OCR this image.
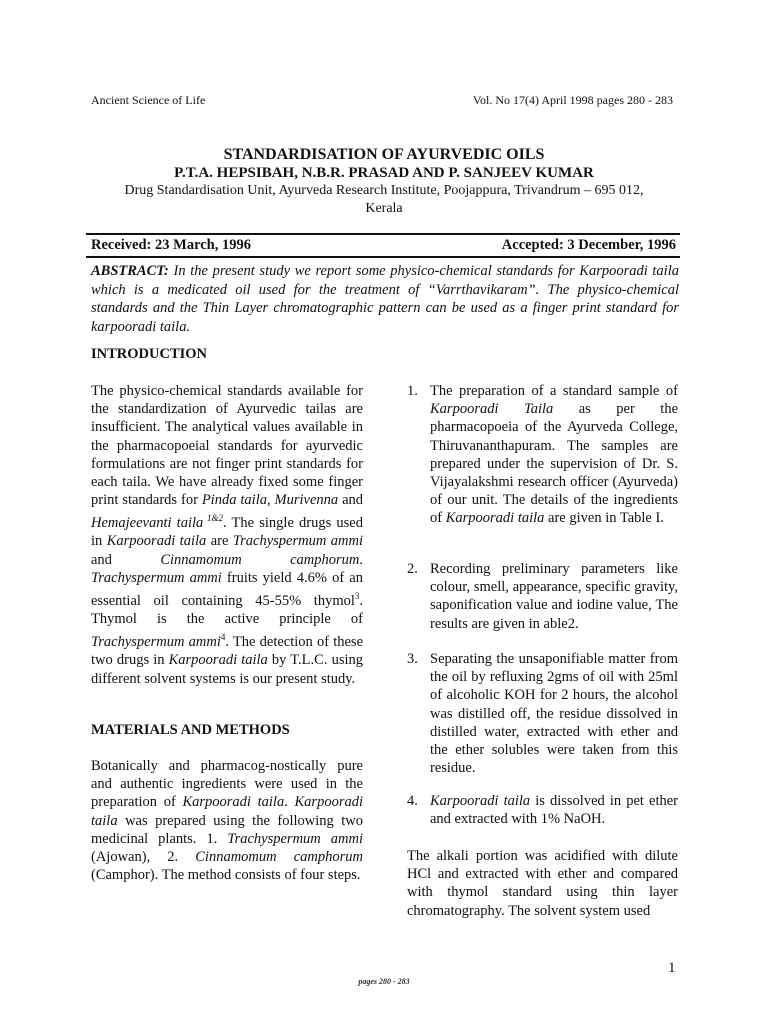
Ancient Science of Life	Vol. No 17(4) April 1998 pages 280 - 283
STANDARDISATION OF AYURVEDIC OILS
P.T.A. HEPSIBAH, N.B.R. PRASAD AND P. SANJEEV KUMAR
Drug Standardisation Unit, Ayurveda Research Institute, Poojappura, Trivandrum – 695 012,
Kerala
Received: 23 March, 1996	Accepted: 3 December, 1996
ABSTRACT: In the present study we report some physico-chemical standards for Karpooradi taila which is a medicated oil used for the treatment of “Varrthavikaram”. The physico-chemical standards and the Thin Layer chromatographic pattern can be used as a finger print standard for karpooradi taila.
INTRODUCTION
The physico-chemical standards available for the standardization of Ayurvedic tailas are insufficient. The analytical values available in the pharmacopoeial standards for ayurvedic formulations are not finger print standards for each taila. We have already fixed some finger print standards for Pinda taila, Murivenna and Hemajeevanti taila $^{1\&2}$. The single drugs used in Karpooradi taila are Trachyspermum ammi and Cinnamomum camphorum. Trachyspermum ammi fruits yield 4.6% of an essential oil containing 45-55% thymol$^3$. Thymol is the active principle of Trachyspermum ammi$^4$. The detection of these two drugs in Karpooradi taila by T.L.C. using different solvent systems is our present study.
MATERIALS AND METHODS
Botanically and pharmacog-nostically pure and authentic ingredients were used in the preparation of Karpooradi taila. Karpooradi taila was prepared using the following two medicinal plants. 1. Trachyspermum ammi (Ajowan), 2. Cinnamomum camphorum (Camphor). The method consists of four steps.
1. The preparation of a standard sample of Karpooradi Taila as per the pharmacopoeia of the Ayurveda College, Thiruvananthapuram. The samples are prepared under the supervision of Dr. S. Vijayalakshmi research officer (Ayurveda) of our unit. The details of the ingredients of Karpooradi taila are given in Table I.
2. Recording preliminary parameters like colour, smell, appearance, specific gravity, saponification value and iodine value, The results are given in able2.
3. Separating the unsaponifiable matter from the oil by refluxing 2gms of oil with 25ml of alcoholic KOH for 2 hours, the alcohol was distilled off, the residue dissolved in distilled water, extracted with ether and the ether solubles were taken from this residue.
4. Karpooradi taila is dissolved in pet ether and extracted with 1% NaOH.
The alkali portion was acidified with dilute HCl and extracted with ether and compared with thymol standard using thin layer chromatography. The solvent system used
1
pages 280 - 283
